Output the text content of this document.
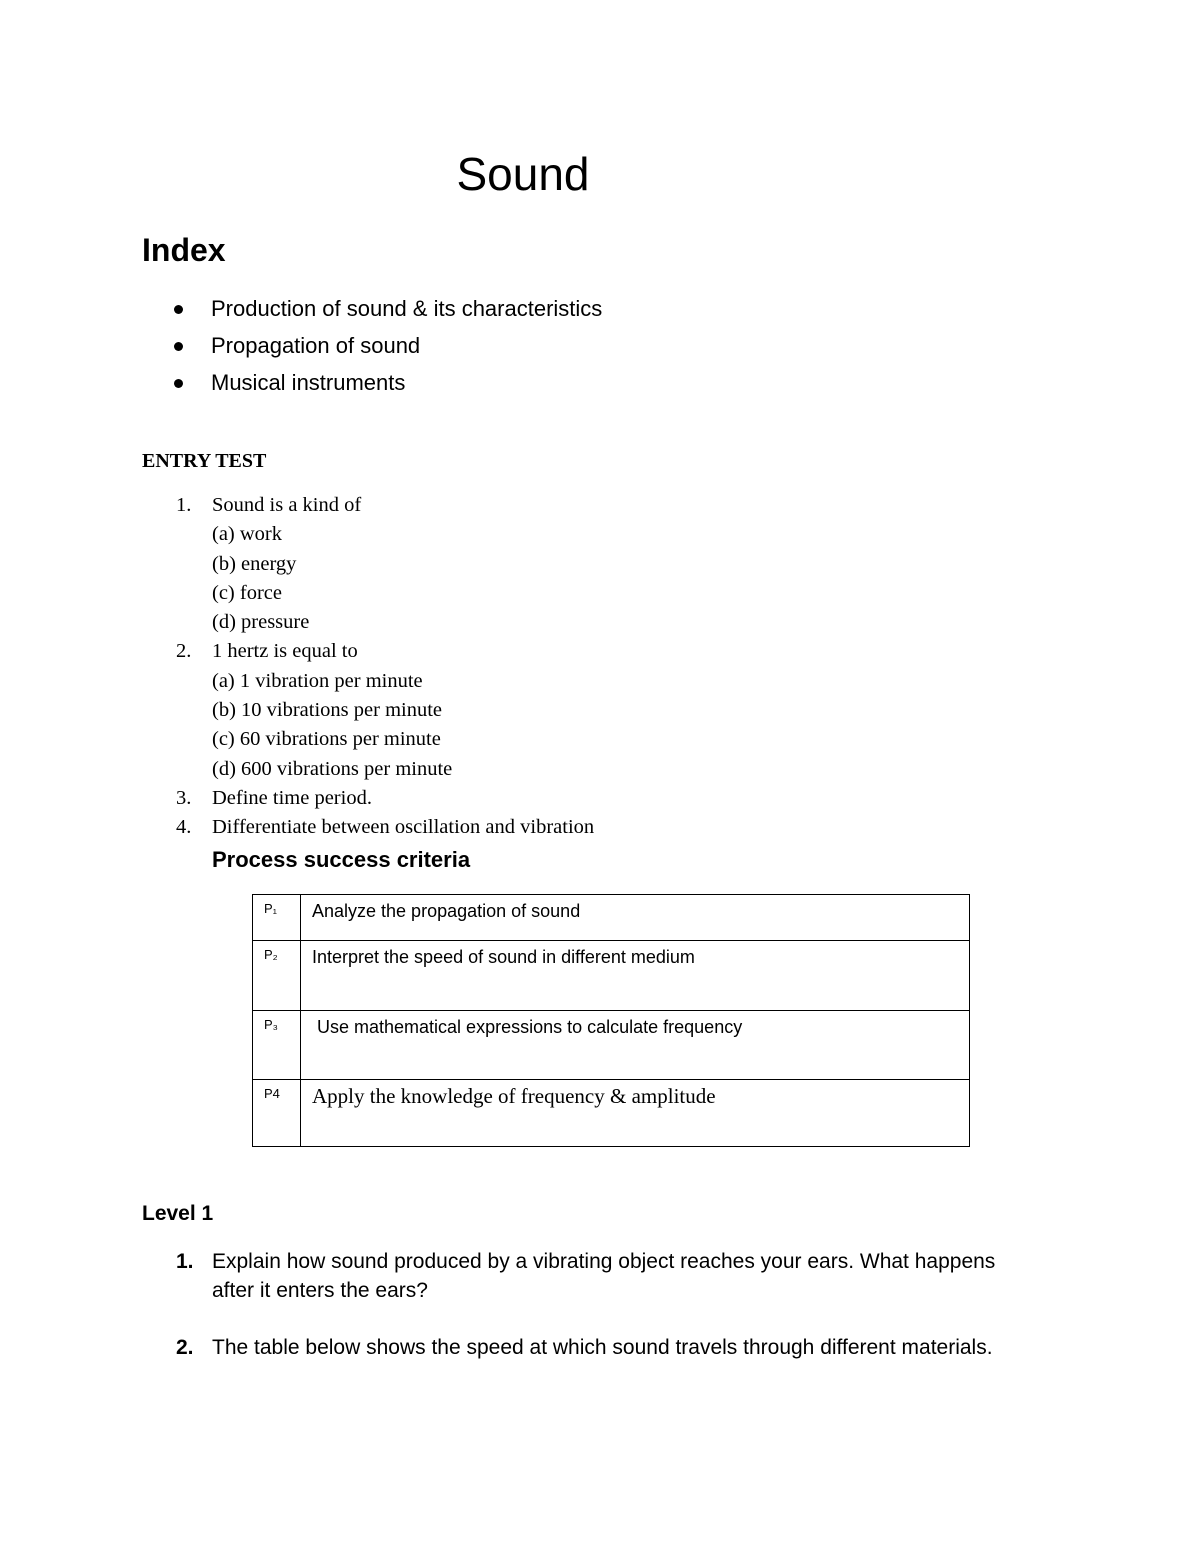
Sound
Index
Production of sound & its characteristics
Propagation of sound
Musical instruments
ENTRY TEST
1. Sound is a kind of
(a) work
(b) energy
(c) force
(d) pressure
2. 1 hertz is equal to
(a) 1 vibration per minute
(b) 10 vibrations per minute
(c) 60 vibrations per minute
(d) 600 vibrations per minute
3. Define time period.
4. Differentiate between oscillation and vibration
Process success criteria
P₁	Analyze the propagation of sound
P₂	Interpret the speed of sound in different medium
P₃	Use mathematical expressions to calculate frequency
P4	Apply the knowledge of frequency & amplitude
Level 1
1. Explain how sound produced by a vibrating object reaches your ears. What happens after it enters the ears?
2. The table below shows the speed at which sound travels through different materials.
